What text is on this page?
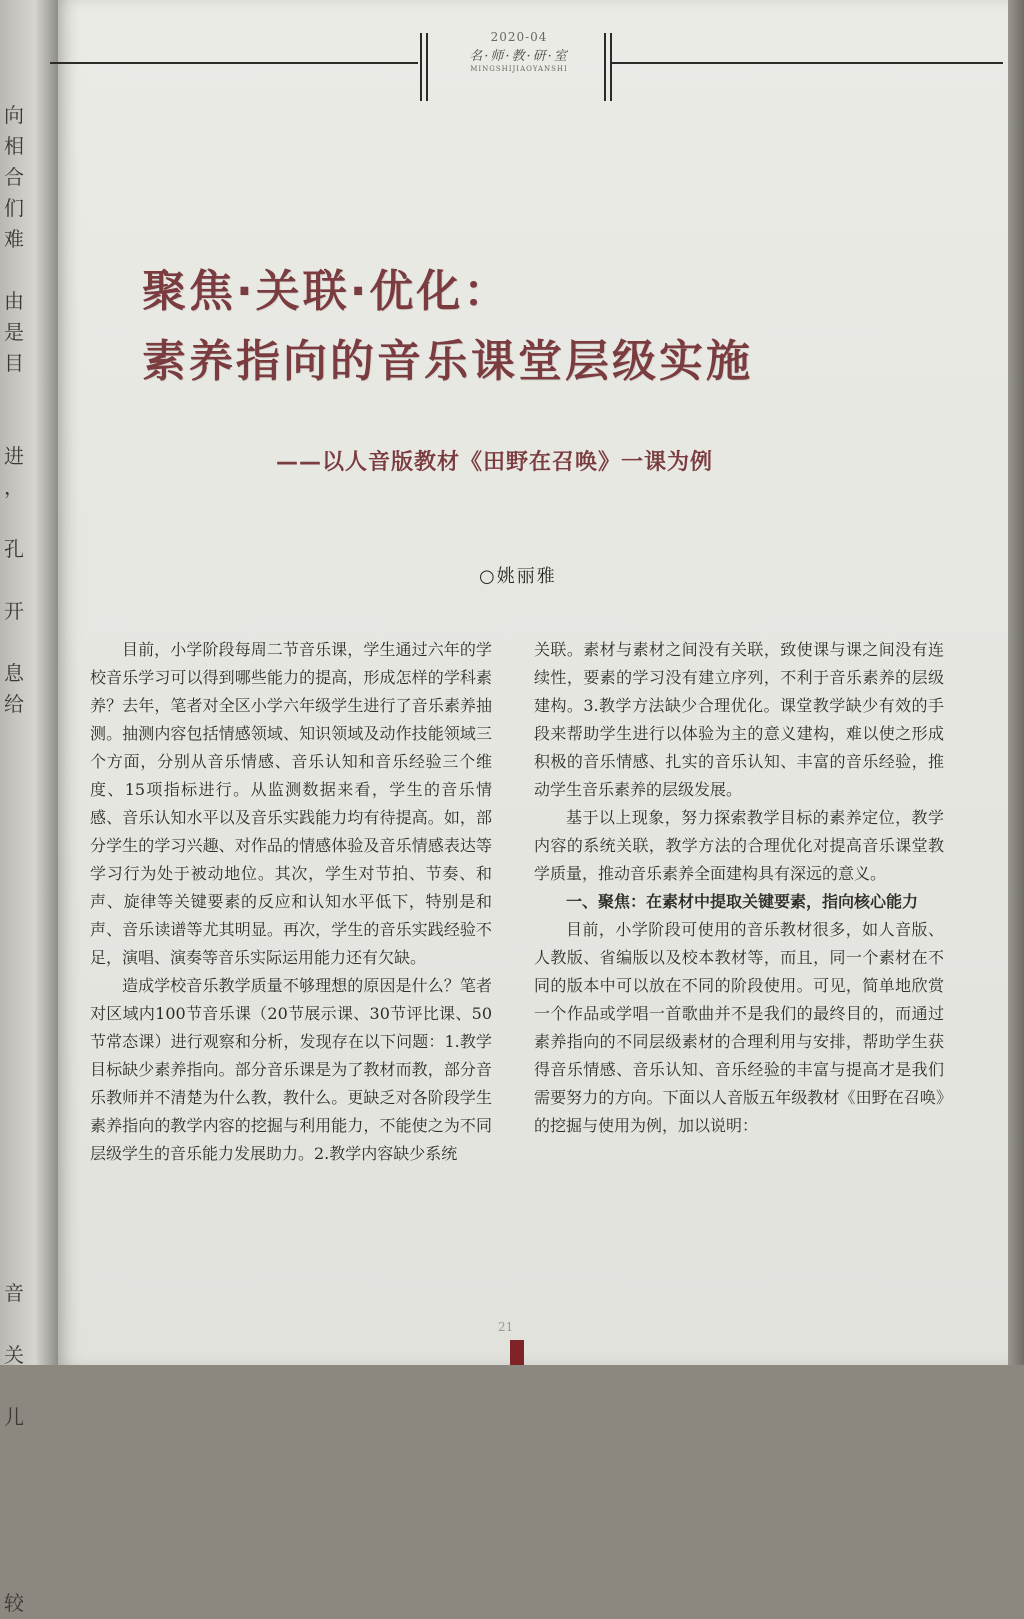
向
相
合
们
难
由
是
目
进
，
孔
开
息
给
音
关
儿
较
2020-04
名·师·教·研·室
MINGSHIJIAOYANSHI
聚焦·关联·优化：
素养指向的音乐课堂层级实施
——以人音版教材《田野在召唤》一课为例
○姚丽雅

目前，小学阶段每周二节音乐课，学生通过六年的学校音乐学习可以得到哪些能力的提高，形成怎样的学科素养？去年，笔者对全区小学六年级学生进行了音乐素养抽测。抽测内容包括情感领域、知识领域及动作技能领域三个方面，分别从音乐情感、音乐认知和音乐经验三个维度、15项指标进行。从监测数据来看，学生的音乐情感、音乐认知水平以及音乐实践能力均有待提高。如，部分学生的学习兴趣、对作品的情感体验及音乐情感表达等学习行为处于被动地位。其次，学生对节拍、节奏、和声、旋律等关键要素的反应和认知水平低下，特别是和声、音乐读谱等尤其明显。再次，学生的音乐实践经验不足，演唱、演奏等音乐实际运用能力还有欠缺。

造成学校音乐教学质量不够理想的原因是什么？笔者对区域内100节音乐课（20节展示课、30节评比课、50节常态课）进行观察和分析，发现存在以下问题：1.教学目标缺少素养指向。部分音乐课是为了教材而教，部分音乐教师并不清楚为什么教，教什么。更缺乏对各阶段学生素养指向的教学内容的挖掘与利用能力，不能使之为不同层级学生的音乐能力发展助力。2.教学内容缺少系统

关联。素材与素材之间没有关联，致使课与课之间没有连续性，要素的学习没有建立序列，不利于音乐素养的层级建构。3.教学方法缺少合理优化。课堂教学缺少有效的手段来帮助学生进行以体验为主的意义建构，难以使之形成积极的音乐情感、扎实的音乐认知、丰富的音乐经验，推动学生音乐素养的层级发展。

基于以上现象，努力探索教学目标的素养定位，教学内容的系统关联，教学方法的合理优化对提高音乐课堂教学质量，推动音乐素养全面建构具有深远的意义。

一、聚焦：在素材中提取关键要素，指向核心能力

目前，小学阶段可使用的音乐教材很多，如人音版、人教版、省编版以及校本教材等，而且，同一个素材在不同的版本中可以放在不同的阶段使用。可见，简单地欣赏一个作品或学唱一首歌曲并不是我们的最终目的，而通过素养指向的不同层级素材的合理利用与安排，帮助学生获得音乐情感、音乐认知、音乐经验的丰富与提高才是我们需要努力的方向。下面以人音版五年级教材《田野在召唤》的挖掘与使用为例，加以说明：

21
